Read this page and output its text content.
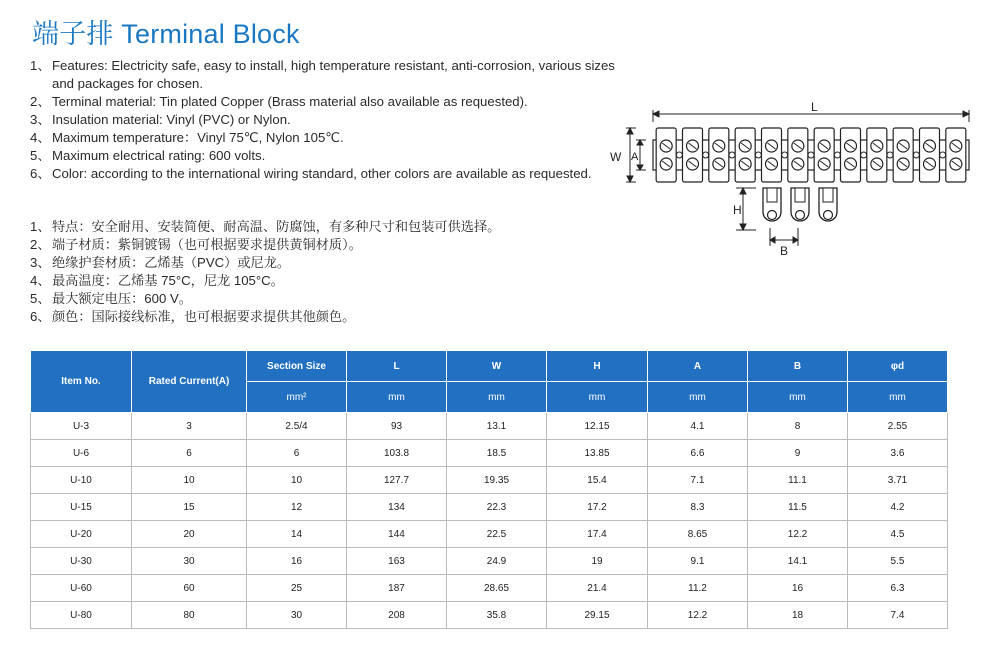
端子排 Terminal Block
1、Features: Electricity safe, easy to install, high temperature resistant, anti-corrosion, various sizes and packages for chosen.
2、Terminal material: Tin plated Copper (Brass material also available as requested).
3、Insulation material: Vinyl (PVC) or Nylon.
4、Maximum temperature：Vinyl 75℃, Nylon 105℃.
5、Maximum electrical rating: 600 volts.
6、Color: according to the international wiring standard, other colors are available as requested.
1、特点：安全耐用、安装简便、耐高温、防腐蚀，有多种尺寸和包装可供选择。
2、端子材质：紫铜镀锡（也可根据要求提供黄铜材质）。
3、绝缘护套材质：乙烯基（PVC）或尼龙。
4、最高温度：乙烯基 75°C，尼龙 105°C。
5、最大额定电压：600 V。
6、颜色：国际接线标准，也可根据要求提供其他颜色。
L
W A
H
B
Item No.	Rated Current(A)	Section Size	L	W	H	A	B	φd
		mm²	mm	mm	mm	mm	mm	mm
U-3	3	2.5/4	93	13.1	12.15	4.1	8	2.55
U-6	6	6	103.8	18.5	13.85	6.6	9	3.6
U-10	10	10	127.7	19.35	15.4	7.1	11.1	3.71
U-15	15	12	134	22.3	17.2	8.3	11.5	4.2
U-20	20	14	144	22.5	17.4	8.65	12.2	4.5
U-30	30	16	163	24.9	19	9.1	14.1	5.5
U-60	60	25	187	28.65	21.4	11.2	16	6.3
U-80	80	30	208	35.8	29.15	12.2	18	7.4
